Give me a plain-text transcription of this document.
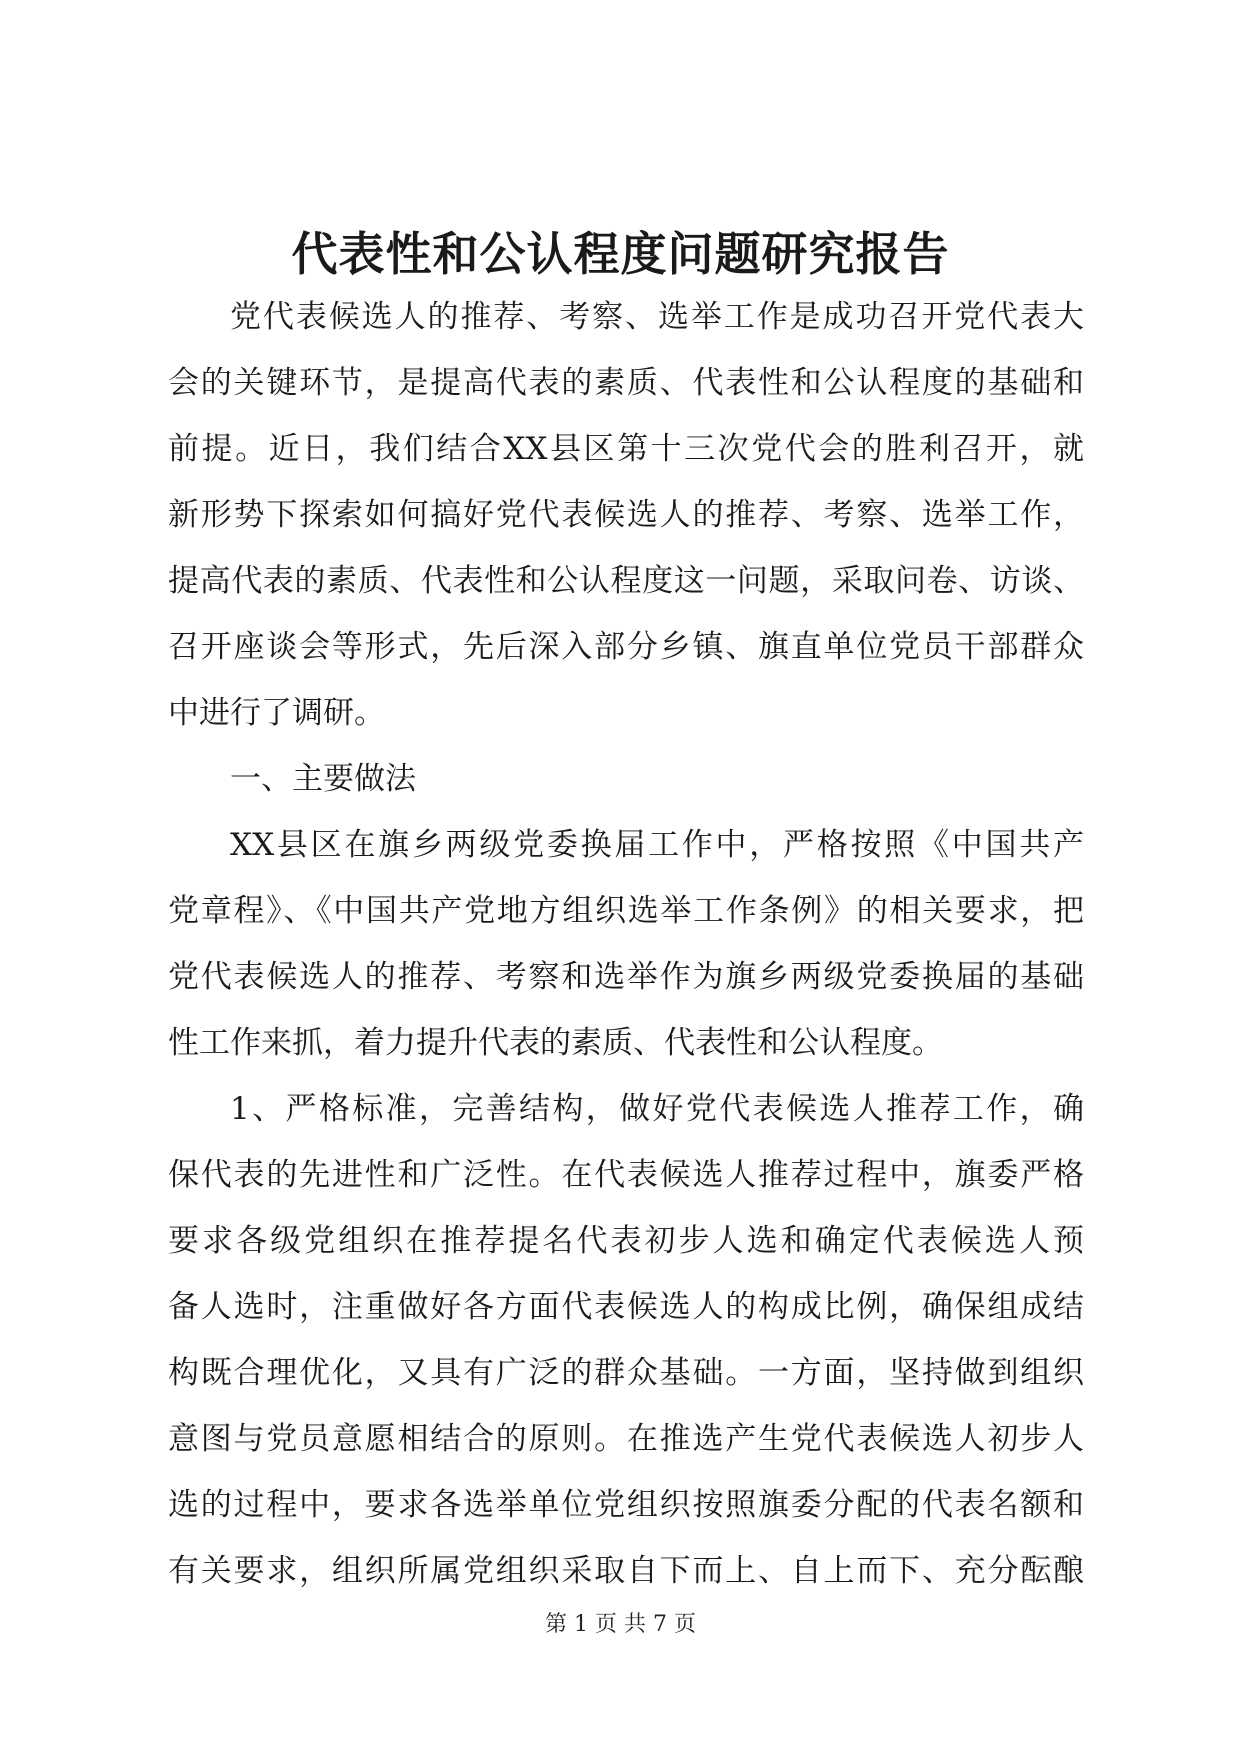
代表性和公认程度问题研究报告
党代表候选人的推荐、考察、选举工作是成功召开党代表大
会的关键环节，是提高代表的素质、代表性和公认程度的基础和
前提。近日，我们结合XX县区第十三次党代会的胜利召开，就
新形势下探索如何搞好党代表候选人的推荐、考察、选举工作，
提高代表的素质、代表性和公认程度这一问题，采取问卷、访谈、
召开座谈会等形式，先后深入部分乡镇、旗直单位党员干部群众
中进行了调研。
一、主要做法
XX县区在旗乡两级党委换届工作中，严格按照《中国共产
党章程》、《中国共产党地方组织选举工作条例》的相关要求，把
党代表候选人的推荐、考察和选举作为旗乡两级党委换届的基础
性工作来抓，着力提升代表的素质、代表性和公认程度。
1、严格标准，完善结构，做好党代表候选人推荐工作，确
保代表的先进性和广泛性。在代表候选人推荐过程中，旗委严格
要求各级党组织在推荐提名代表初步人选和确定代表候选人预
备人选时，注重做好各方面代表候选人的构成比例，确保组成结
构既合理优化，又具有广泛的群众基础。一方面，坚持做到组织
意图与党员意愿相结合的原则。在推选产生党代表候选人初步人
选的过程中，要求各选举单位党组织按照旗委分配的代表名额和
有关要求，组织所属党组织采取自下而上、自上而下、充分酝酿
第 1 页 共 7 页
